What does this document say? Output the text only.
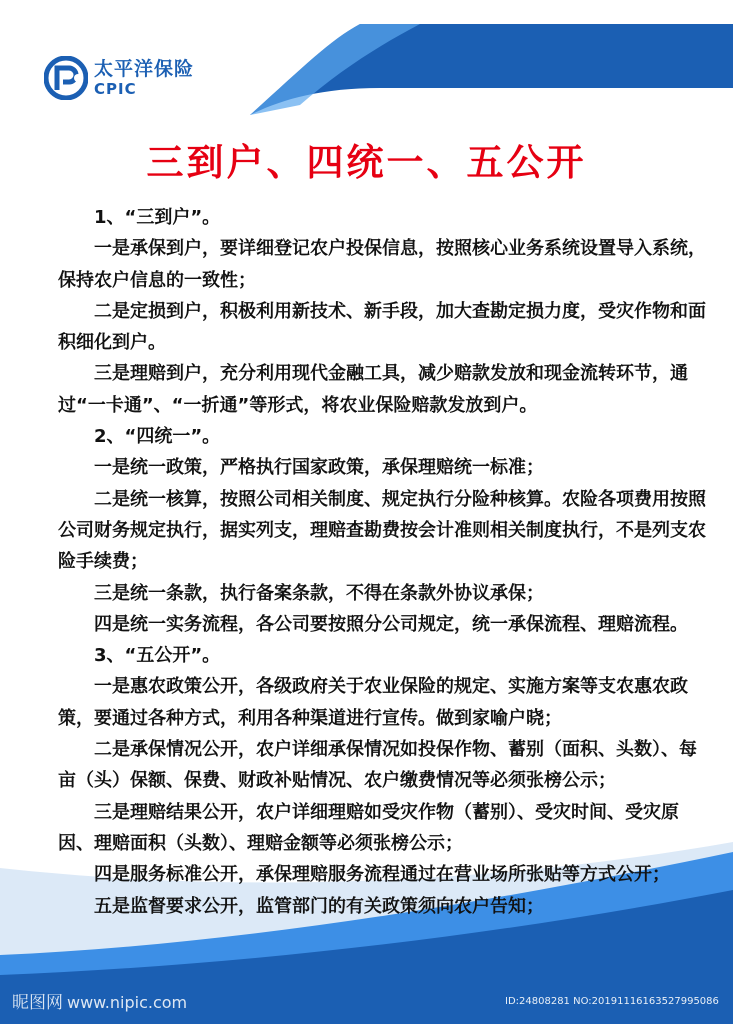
太平洋保险
CPIC
三到户、四统一、五公开

1、“三到户”。

一是承保到户，要详细登记农户投保信息，按照核心业务系统设置导入系统，保持农户信息的一致性；

二是定损到户，积极利用新技术、新手段，加大查勘定损力度，受灾作物和面积细化到户。

三是理赔到户，充分利用现代金融工具，减少赔款发放和现金流转环节，通过“一卡通”、“一折通”等形式，将农业保险赔款发放到户。

2、“四统一”。

一是统一政策，严格执行国家政策，承保理赔统一标准；

二是统一核算，按照公司相关制度、规定执行分险种核算。农险各项费用按照公司财务规定执行，据实列支，理赔查勘费按会计准则相关制度执行，不是列支农险手续费；

三是统一条款，执行备案条款，不得在条款外协议承保；

四是统一实务流程，各公司要按照分公司规定，统一承保流程、理赔流程。

3、“五公开”。

一是惠农政策公开，各级政府关于农业保险的规定、实施方案等支农惠农政策，要通过各种方式，利用各种渠道进行宣传。做到家喻户晓；

二是承保情况公开，农户详细承保情况如投保作物、蓄别（面积、头数）、每亩（头）保额、保费、财政补贴情况、农户缴费情况等必须张榜公示；

三是理赔结果公开，农户详细理赔如受灾作物（蓄别）、受灾时间、受灾原因、理赔面积（头数）、理赔金额等必须张榜公示；

四是服务标准公开，承保理赔服务流程通过在营业场所张贴等方式公开；

五是监督要求公开，监管部门的有关政策须向农户告知；

昵图网 www.nipic.com	ID:24808281 NO:20191116163527995086
